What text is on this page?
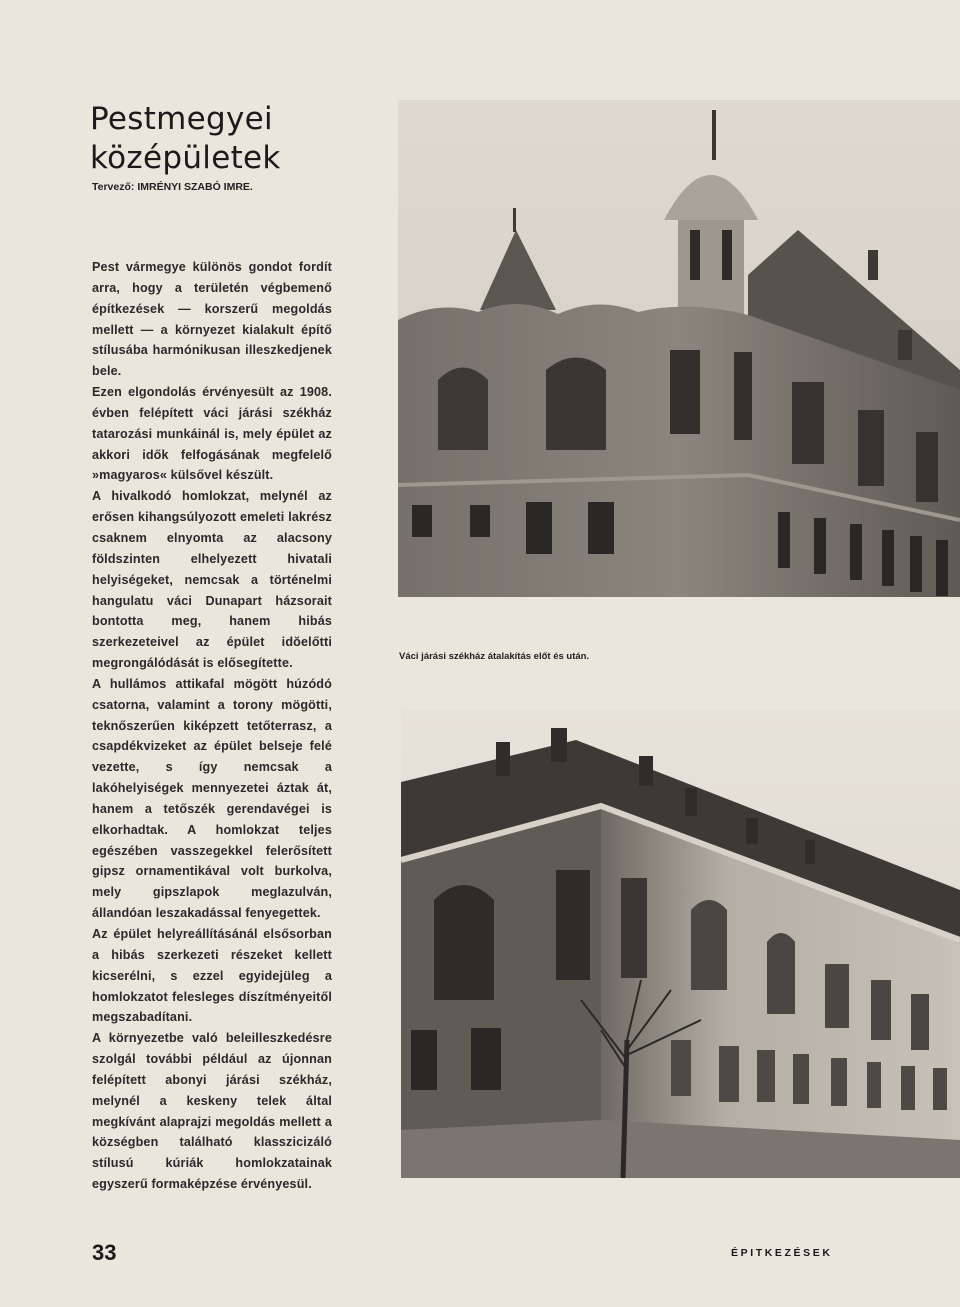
Pestmegyei
középületek
Tervező: IMRÉNYI SZABÓ IMRE.

Pest vármegye különös gondot fordít arra, hogy a területén végbemenő építkezések — korszerű megoldás mellett — a környezet kialakult építő stílusába harmónikusan illeszkedjenek bele.

Ezen elgondolás érvényesült az 1908. évben felépített váci járási székház tatarozási munkáinál is, mely épület az akkori idők felfogásának megfelelő »magyaros« külsővel készült.

A hivalkodó homlokzat, melynél az erősen kihangsúlyozott emeleti lakrész csaknem elnyomta az alacsony földszinten elhelyezett hivatali helyiségeket, nemcsak a történelmi hangulatu váci Dunapart házsorait bontotta meg, hanem hibás szerkezeteivel az épület idŏelőtti megrongálódását is elősegítette.

A hullámos attikafal mögött húzódó csatorna, valamint a torony mögötti, teknőszerűen kiképzett tetőterrasz, a csapdékvizeket az épület belseje felé vezette, s így nemcsak a lakóhelyiségek mennyezetei áztak át, hanem a tetőszék gerendavégei is elkorhadtak. A homlokzat teljes egészében vasszegekkel felerősített gipsz ornamentikával volt burkolva, mely gipszlapok meglazulván, állandóan leszakadással fenyegettek.

Az épület helyreállításánál elsősorban a hibás szerkezeti részeket kellett kicserélni, s ezzel egyidejüleg a homlokzatot felesleges díszítményeitől megszabadítani.

A környezetbe való beleilleszkedésre szolgál további például az újonnan felépített abonyi járási székház, melynél a keskeny telek által megkívánt alaprajzi megoldás mellett a községben található klasszicizáló stílusú kúriák homlokzatainak egyszerű formaképzése érvényesül.

Váci járási székház átalakítás előt és után.
33	ÉPITKEZÉSEK
